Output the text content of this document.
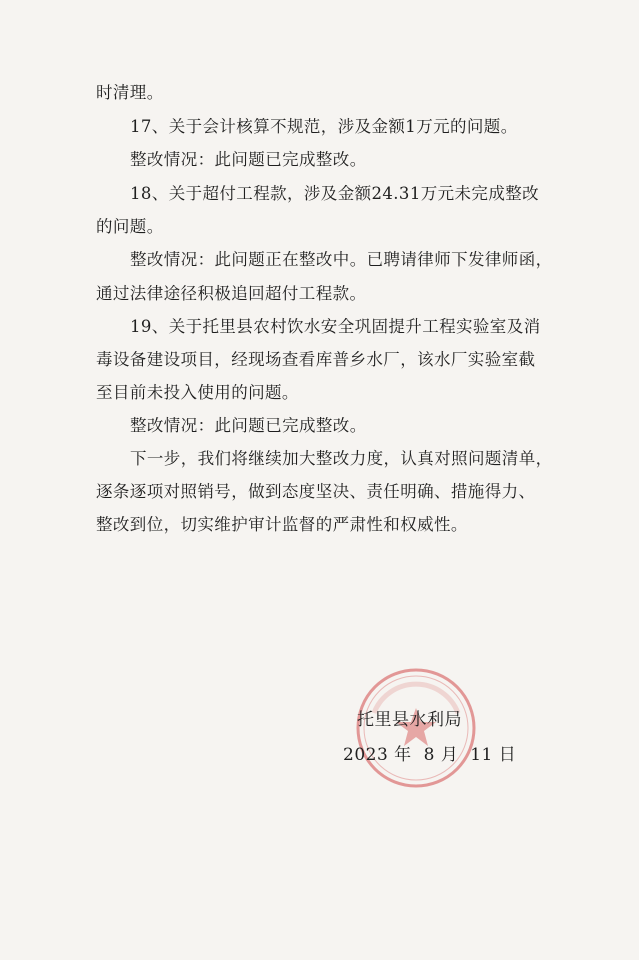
时清理。
17、关于会计核算不规范，涉及金额1万元的问题。
整改情况：此问题已完成整改。
18、关于超付工程款，涉及金额24.31万元未完成整改
的问题。
整改情况：此问题正在整改中。已聘请律师下发律师函，
通过法律途径积极追回超付工程款。
19、关于托里县农村饮水安全巩固提升工程实验室及消
毒设备建设项目，经现场查看库普乡水厂，该水厂实验室截
至目前未投入使用的问题。
整改情况：此问题已完成整改。
下一步，我们将继续加大整改力度，认真对照问题清单，
逐条逐项对照销号，做到态度坚决、责任明确、措施得力、
整改到位，切实维护审计监督的严肃性和权威性。
托里县水利局
2023 年 8 月 11 日
